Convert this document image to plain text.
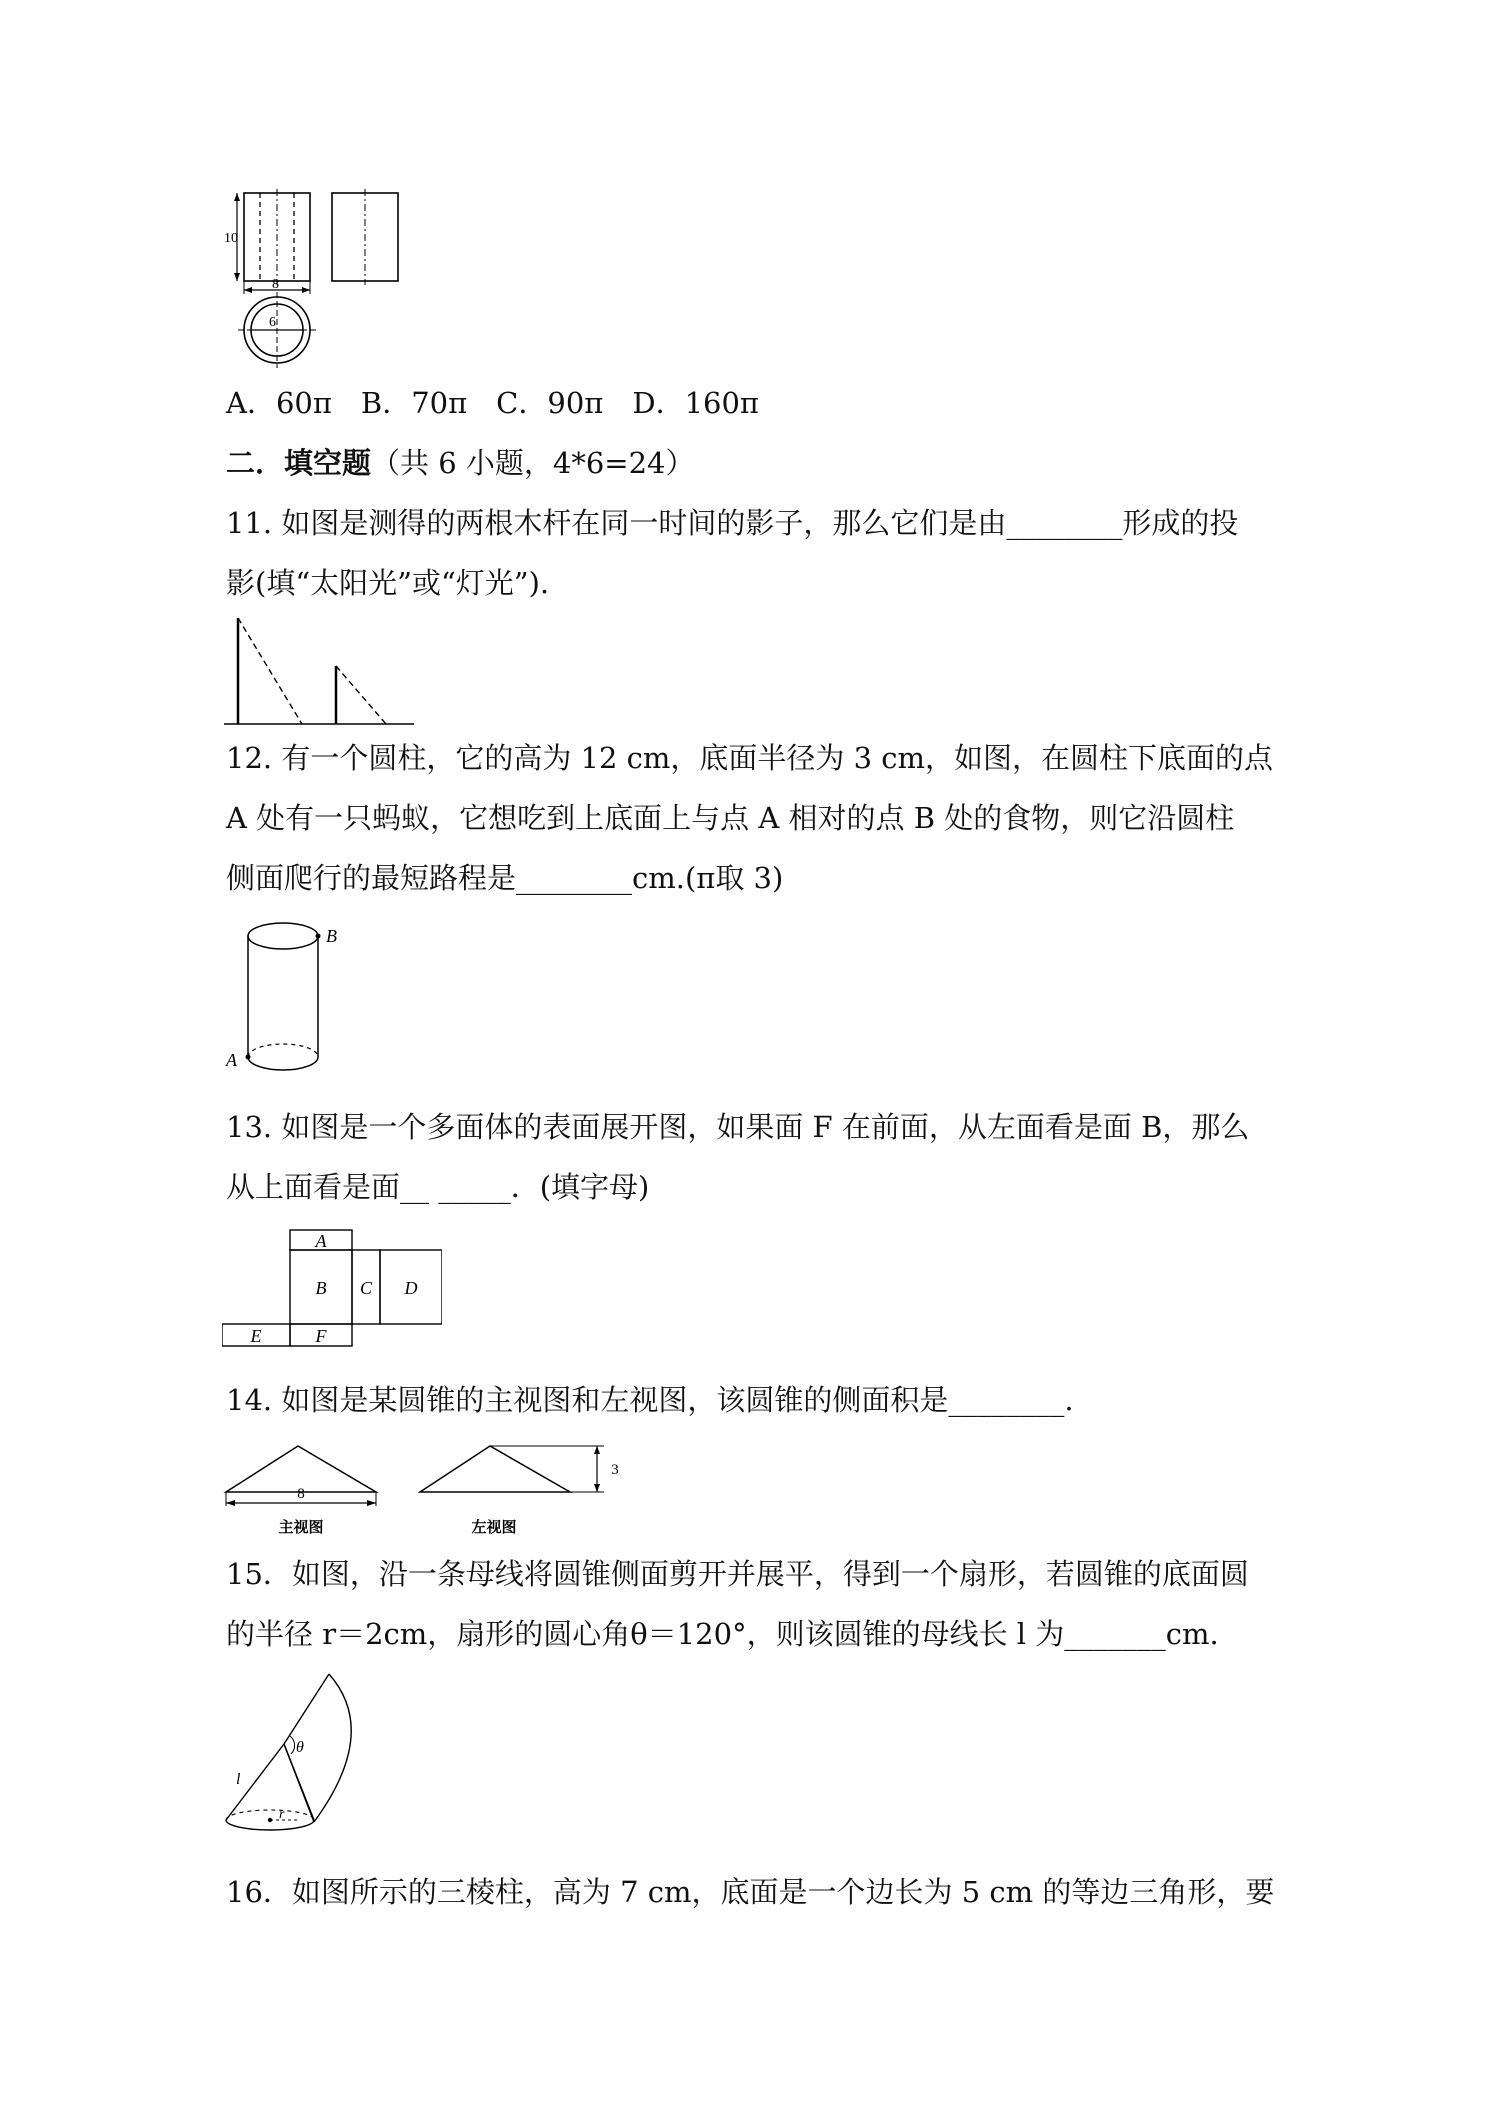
10
8
6
A．60π　B．70π　C．90π　D．160π
二．填空题（共 6 小题，4*6=24）
11. 如图是测得的两根木杆在同一时间的影子，那么它们是由________形成的投
影(填“太阳光”或“灯光”).
12. 有一个圆柱，它的高为 12 cm，底面半径为 3 cm，如图，在圆柱下底面的点
A 处有一只蚂蚁，它想吃到上底面上与点 A 相对的点 B 处的食物，则它沿圆柱
侧面爬行的最短路程是________cm.(π取 3)
B
A
13. 如图是一个多面体的表面展开图，如果面 F 在前面，从左面看是面 B，那么
从上面看是面__ _____．(填字母)
A
B C D
E	F
14. 如图是某圆锥的主视图和左视图，该圆锥的侧面积是________.
8
主视图
3
左视图
15．如图，沿一条母线将圆锥侧面剪开并展平，得到一个扇形，若圆锥的底面圆
的半径 r＝2cm，扇形的圆心角θ＝120°，则该圆锥的母线长 l 为_______cm.
θ
l
r
16．如图所示的三棱柱，高为 7 cm，底面是一个边长为 5 cm 的等边三角形，要
